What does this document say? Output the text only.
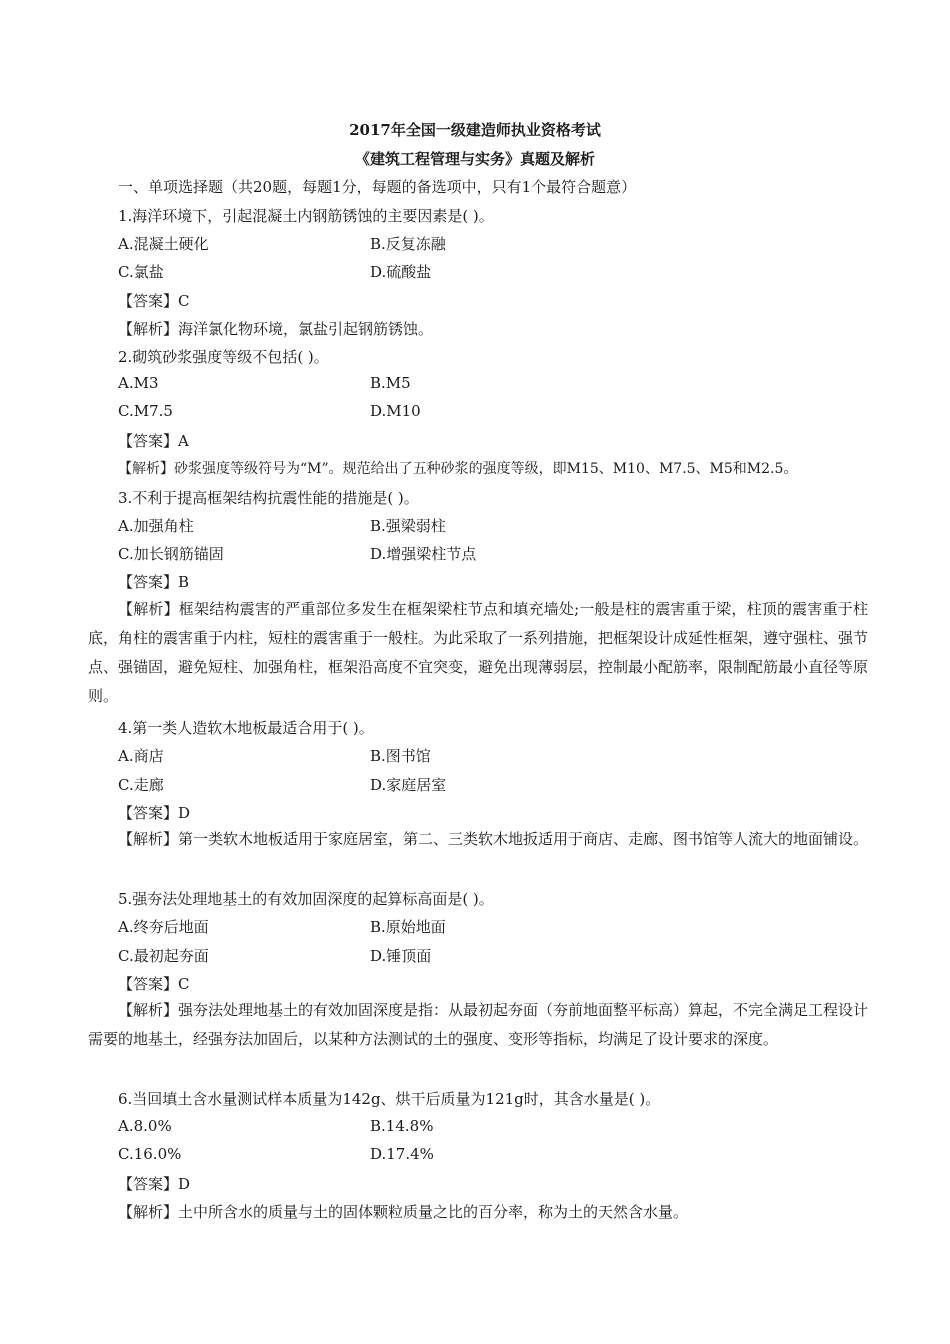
2017年全国一级建造师执业资格考试
《建筑工程管理与实务》真题及解析
一、单项选择题（共20题，每题1分，每题的备选项中，只有1个最符合题意）
1.海洋环境下，引起混凝土内钢筋锈蚀的主要因素是( )。
A.混凝土硬化	B.反复冻融
C.氯盐	D.硫酸盐
【答案】C
【解析】海洋氯化物环境，氯盐引起钢筋锈蚀。
2.砌筑砂浆强度等级不包括( )。
A.M3	B.M5
C.M7.5	D.M10
【答案】A
【解析】砂浆强度等级符号为“M”。规范给出了五种砂浆的强度等级，即M15、M10、M7.5、M5和M2.5。
3.不利于提高框架结构抗震性能的措施是( )。
A.加强角柱	B.强梁弱柱
C.加长钢筋锚固	D.增强梁柱节点
【答案】B
【解析】框架结构震害的严重部位多发生在框架梁柱节点和填充墙处;一般是柱的震害重于梁，柱顶的震害重于柱底，角柱的震害重于内柱，短柱的震害重于一般柱。为此采取了一系列措施，把框架设计成延性框架，遵守强柱、强节点、强锚固，避免短柱、加强角柱，框架沿高度不宜突变，避免出现薄弱层，控制最小配筋率，限制配筋最小直径等原则。
4.第一类人造软木地板最适合用于( )。
A.商店	B.图书馆
C.走廊	D.家庭居室
【答案】D
【解析】第一类软木地板适用于家庭居室，第二、三类软木地扳适用于商店、走廊、图书馆等人流大的地面铺设。
5.强夯法处理地基土的有效加固深度的起算标高面是( )。
A.终夯后地面	B.原始地面
C.最初起夯面	D.锤顶面
【答案】C
【解析】强夯法处理地基土的有效加固深度是指：从最初起夯面（夯前地面整平标高）算起，不完全满足工程设计需要的地基土，经强夯法加固后，以某种方法测试的土的强度、变形等指标，均满足了设计要求的深度。
6.当回填土含水量测试样本质量为142g、烘干后质量为121g时，其含水量是( )。
A.8.0%	B.14.8%
C.16.0%	D.17.4%
【答案】D
【解析】土中所含水的质量与土的固体颗粒质量之比的百分率，称为土的天然含水量。
